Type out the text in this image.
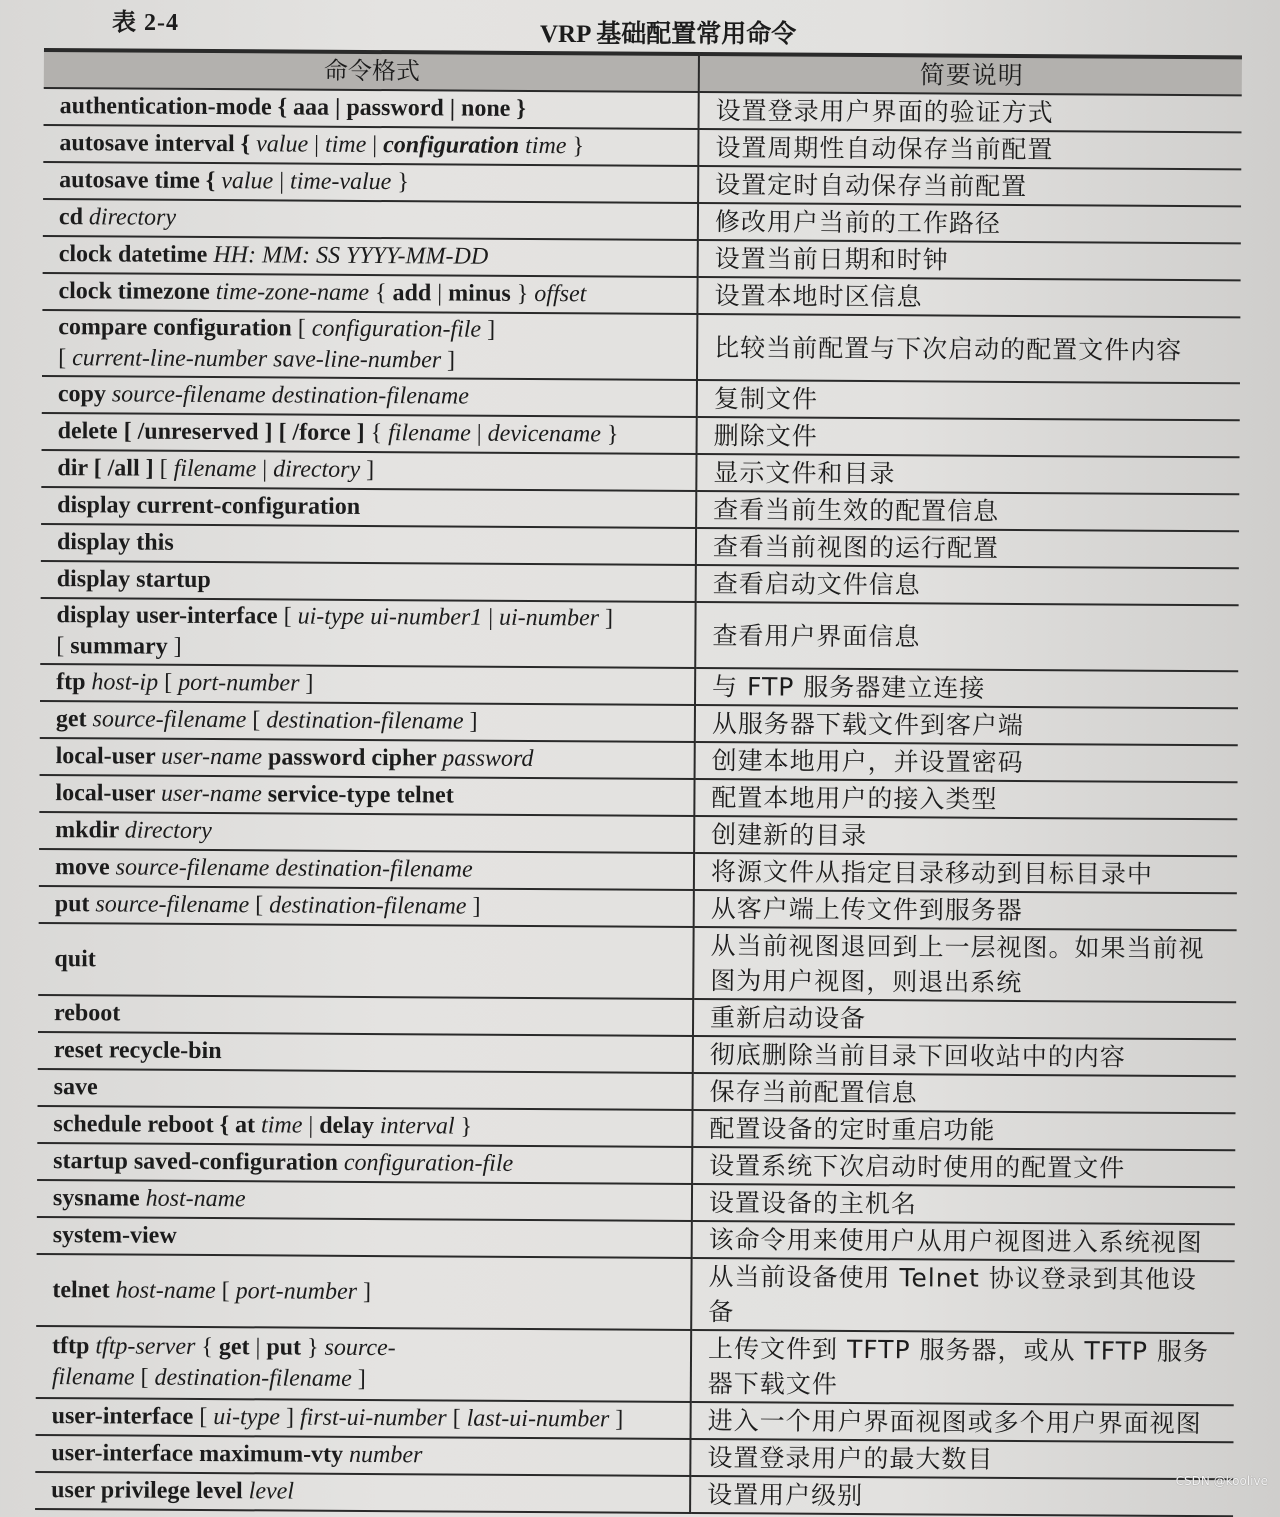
表 2-4	VRP 基础配置常用命令
命令格式	简要说明
authentication-mode { aaa | password | none }	设置登录用户界面的验证方式
autosave interval { value | time | configuration time }	设置周期性自动保存当前配置
autosave time { value | time-value }	设置定时自动保存当前配置
cd directory	修改用户当前的工作路径
clock datetime HH: MM: SS YYYY-MM-DD	设置当前日期和时钟
clock timezone time-zone-name { add | minus } offset	设置本地时区信息
compare configuration [ configuration-file ]
[ current-line-number save-line-number ]	比较当前配置与下次启动的配置文件内容
copy source-filename destination-filename	复制文件
delete [ /unreserved ] [ /force ] { filename | devicename }	删除文件
dir [ /all ] [ filename | directory ]	显示文件和目录
display current-configuration	查看当前生效的配置信息
display this	查看当前视图的运行配置
display startup	查看启动文件信息
display user-interface [ ui-type ui-number1 | ui-number ]
[ summary ]	查看用户界面信息
ftp host-ip [ port-number ]	与 FTP 服务器建立连接
get source-filename [ destination-filename ]	从服务器下载文件到客户端
local-user user-name password cipher password	创建本地用户，并设置密码
local-user user-name service-type telnet	配置本地用户的接入类型
mkdir directory	创建新的目录
move source-filename destination-filename	将源文件从指定目录移动到目标目录中
put source-filename [ destination-filename ]	从客户端上传文件到服务器
quit	从当前视图退回到上一层视图。如果当前视图为用户视图，则退出系统
reboot	重新启动设备
reset recycle-bin	彻底删除当前目录下回收站中的内容
save	保存当前配置信息
schedule reboot { at time | delay interval }	配置设备的定时重启功能
startup saved-configuration configuration-file	设置系统下次启动时使用的配置文件
sysname host-name	设置设备的主机名
system-view	该命令用来使用户从用户视图进入系统视图
telnet host-name [ port-number ]	从当前设备使用 Telnet 协议登录到其他设备
tftp tftp-server { get | put } source-
filename [ destination-filename ]	上传文件到 TFTP 服务器，或从 TFTP 服务器下载文件
user-interface [ ui-type ] first-ui-number [ last-ui-number ]	进入一个用户界面视图或多个用户界面视图
user-interface maximum-vty number	设置登录用户的最大数目
user privilege level level	设置用户级别	CSDN @koolive
